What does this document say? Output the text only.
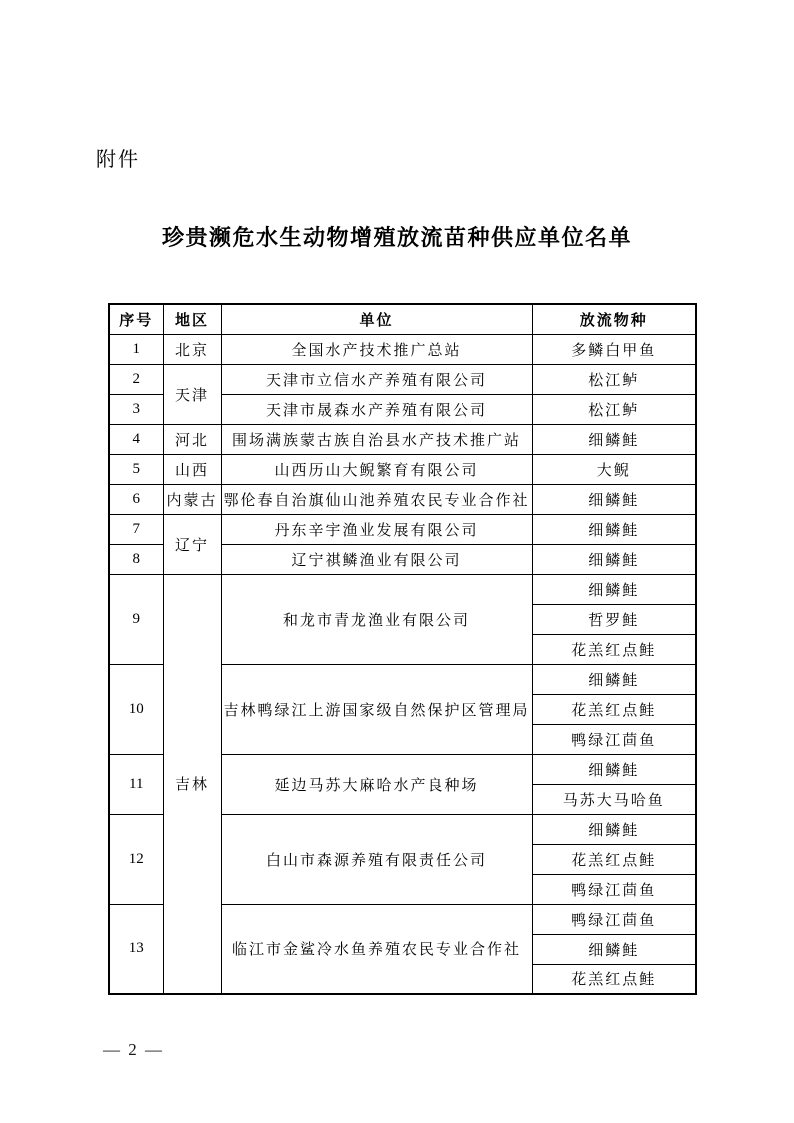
附件
珍贵濒危水生动物增殖放流苗种供应单位名单
序号	地区	单位	放流物种
1	北京	全国水产技术推广总站	多鳞白甲鱼
2	天津	天津市立信水产养殖有限公司	松江鲈
3		天津市晟森水产养殖有限公司	松江鲈
4	河北	围场满族蒙古族自治县水产技术推广站	细鳞鲑
5	山西	山西历山大鲵繁育有限公司	大鲵
6	内蒙古	鄂伦春自治旗仙山池养殖农民专业合作社	细鳞鲑
7	辽宁	丹东辛宇渔业发展有限公司	细鳞鲑
8		辽宁祺鳞渔业有限公司	细鳞鲑
9	吉林	和龙市青龙渔业有限公司	细鳞鲑
			哲罗鲑
			花羔红点鲑
10		吉林鸭绿江上游国家级自然保护区管理局	细鳞鲑
			花羔红点鲑
			鸭绿江茴鱼
11		延边马苏大麻哈水产良种场	细鳞鲑
			马苏大马哈鱼
12		白山市森源养殖有限责任公司	细鳞鲑
			花羔红点鲑
			鸭绿江茴鱼
13		临江市金鲨冷水鱼养殖农民专业合作社	鸭绿江茴鱼
			细鳞鲑
			花羔红点鲑
— 2 —
